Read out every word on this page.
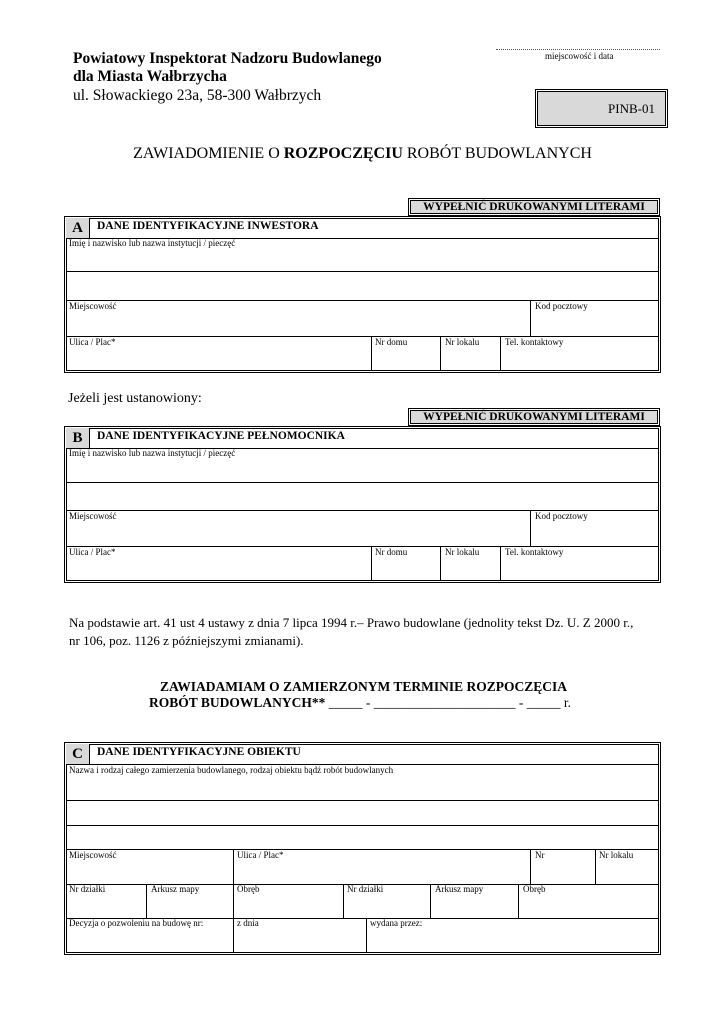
Powiatowy Inspektorat Nadzoru Budowlanego
dla Miasta Wałbrzycha
ul. Słowackiego 23a, 58-300 Wałbrzych
miejscowość i data
PINB-01
ZAWIADOMIENIE O ROZPOCZĘCIU ROBÓT BUDOWLANYCH
WYPEŁNIĆ DRUKOWANYMI LITERAMI
A	DANE IDENTYFIKACYJNE INWESTORA
Imię i nazwisko lub nazwa instytucji / pieczęć
Miejscowość	Kod pocztowy
Ulica / Plac*	Nr domu	Nr lokalu	Tel. kontaktowy
Jeżeli jest ustanowiony:
WYPEŁNIĆ DRUKOWANYMI LITERAMI
B	DANE IDENTYFIKACYJNE PEŁNOMOCNIKA
Imię i nazwisko lub nazwa instytucji / pieczęć
Miejscowość	Kod pocztowy
Ulica / Plac*	Nr domu	Nr lokalu	Tel. kontaktowy
Na podstawie art. 41 ust 4 ustawy z dnia 7 lipca 1994 r.– Prawo budowlane (jednolity tekst Dz. U. Z 2000 r.,
nr 106, poz. 1126 z późniejszymi zmianami).
ZAWIADAMIAM O ZAMIERZONYM TERMINIE ROZPOCZĘCIA
ROBÓT BUDOWLANYCH** _____ - _____________________ - _____ r.
C	DANE IDENTYFIKACYJNE OBIEKTU
Nazwa i rodzaj całego zamierzenia budowlanego, rodzaj obiektu bądź robót budowlanych
Miejscowość	Ulica / Plac*	Nr	Nr lokalu
Nr działki	Arkusz mapy	Obręb	Nr działki	Arkusz mapy	Obręb
Decyzja o pozwoleniu na budowę nr:	z dnia	wydana przez:
